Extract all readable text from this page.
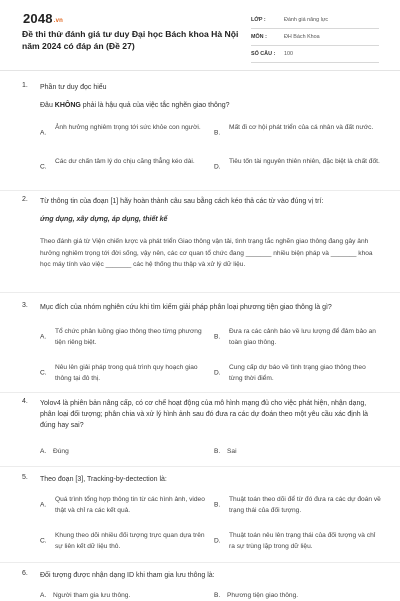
2048.vn
Đề thi thử đánh giá tư duy Đại học Bách khoa Hà Nội năm 2024 có đáp án (Đề 27)
LỚP :	Đánh giá năng lực
MÔN :	ĐH Bách Khoa
SỐ CÂU :	100
1. Phần tư duy đọc hiểu
Đâu KHÔNG phải là hậu quả của việc tắc nghẽn giao thông?
A.
Ảnh hưởng nghiêm trọng tới sức khỏe con người.
B.
Mất đi cơ hội phát triển của cá nhân và đất nước.
C.
Các dư chấn tâm lý do chịu căng thẳng kéo dài.
D.
Tiêu tốn tài nguyên thiên nhiên, đặc biệt là chất đốt.
2. Từ thông tin của đoạn [1] hãy hoàn thành câu sau bằng cách kéo thả các từ vào đúng vị trí:
ứng dụng, xây dựng, áp dụng, thiết kế
Theo đánh giá từ Viện chiến lược và phát triển Giao thông vận tải, tình trạng tắc nghẽn giao thông đang gây ảnh hưởng nghiêm trọng tới đời sống, vậy nên, các cơ quan tổ chức đang _______ nhiều biện pháp và _______ khoa học máy tính vào việc _______ các hệ thống thu thập và xử lý dữ liệu.
3. Mục đích của nhóm nghiên cứu khi tìm kiếm giải pháp phân loại phương tiện giao thông là gì?
A.
Tổ chức phân luồng giao thông theo từng phương tiện riêng biệt.
B.
Đưa ra các cảnh báo về lưu lượng để đảm bảo an toàn giao thông.
C.
Nêu lên giải pháp trong quá trình quy hoạch giao thông tại đô thị.
D.
Cung cấp dự báo về tình trạng giao thông theo từng thời điểm.
4. Yolov4 là phiên bản nâng cấp, có cơ chế hoạt động của mô hình mạng đủ cho việc phát hiện, nhận dạng, phân loại đối tượng; phân chia và xử lý hình ảnh sau đó đưa ra các dự đoán theo một yêu cầu xác định là đúng hay sai?
A. Đúng	B. Sai
5. Theo đoạn [3], Tracking-by-dectection là:
A.
Quá trình tổng hợp thông tin từ các hình ảnh, video thật và chỉ ra các kết quả.
B.
Thuật toán theo dõi để từ đó đưa ra các dự đoán về trạng thái của đối tượng.
C.
Khung theo dõi nhiều đối tượng trực quan dựa trên sự liên kết dữ liệu thô.
D.
Thuật toán nêu lên trạng thái của đối tượng và chỉ ra sự trùng lặp trong dữ liệu.
6. Đối tượng được nhận dạng ID khi tham gia lưu thông là:
A. Người tham gia lưu thông.	B. Phương tiện giao thông.
